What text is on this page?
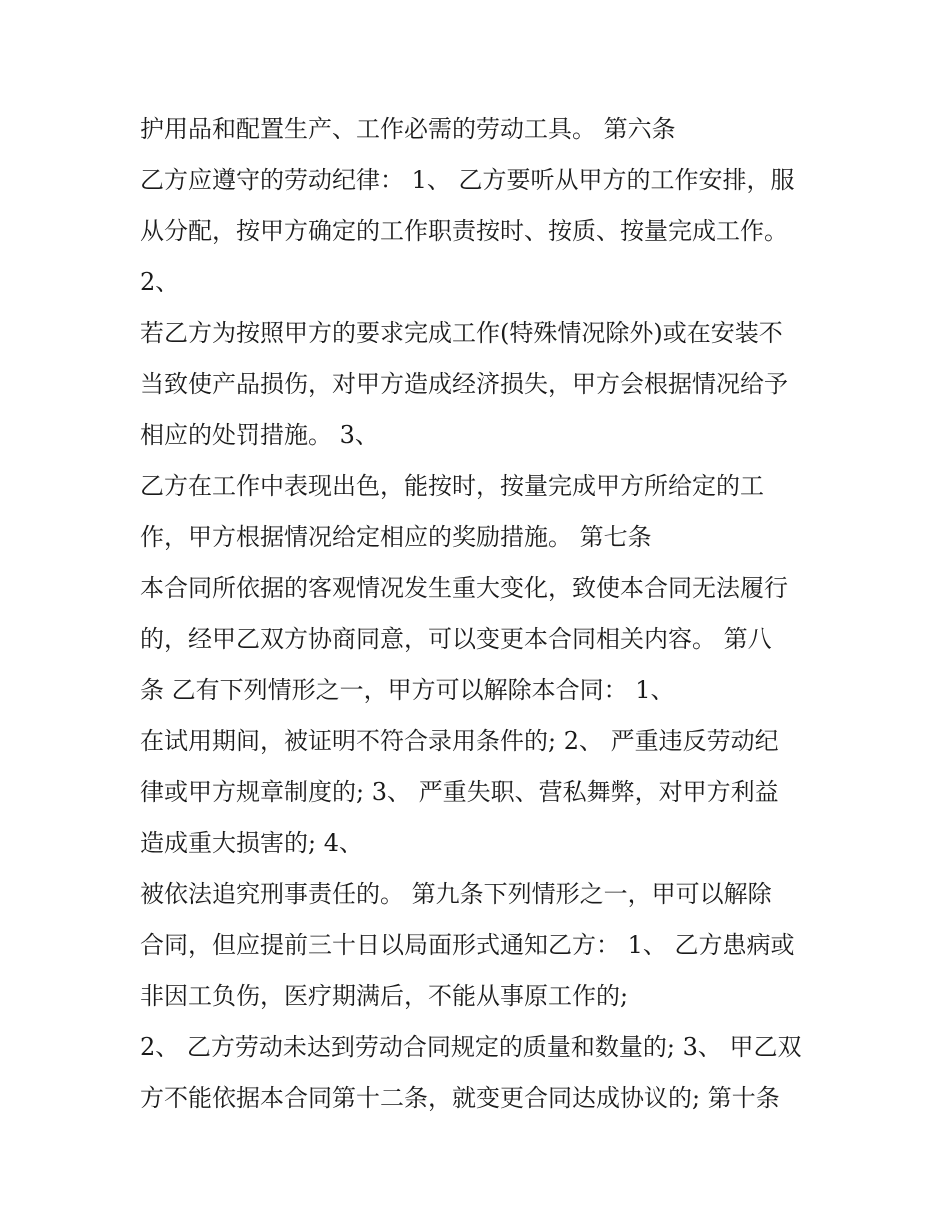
护用品和配置生产、工作必需的劳动工具。 第六条
乙方应遵守的劳动纪律： 1、 乙方要听从甲方的工作安排，服
从分配，按甲方确定的工作职责按时、按质、按量完成工作。
2、
若乙方为按照甲方的要求完成工作(特殊情况除外)或在安装不
当致使产品损伤，对甲方造成经济损失，甲方会根据情况给予
相应的处罚措施。 3、
乙方在工作中表现出色，能按时，按量完成甲方所给定的工
作，甲方根据情况给定相应的奖励措施。 第七条
本合同所依据的客观情况发生重大变化，致使本合同无法履行
的，经甲乙双方协商同意，可以变更本合同相关内容。 第八
条 乙有下列情形之一，甲方可以解除本合同： 1、
在试用期间，被证明不符合录用条件的; 2、 严重违反劳动纪
律或甲方规章制度的; 3、 严重失职、营私舞弊，对甲方利益
造成重大损害的; 4、
被依法追究刑事责任的。 第九条下列情形之一，甲可以解除
合同，但应提前三十日以局面形式通知乙方： 1、 乙方患病或
非因工负伤，医疗期满后，不能从事原工作的;
2、 乙方劳动未达到劳动合同规定的质量和数量的; 3、 甲乙双
方不能依据本合同第十二条，就变更合同达成协议的; 第十条
